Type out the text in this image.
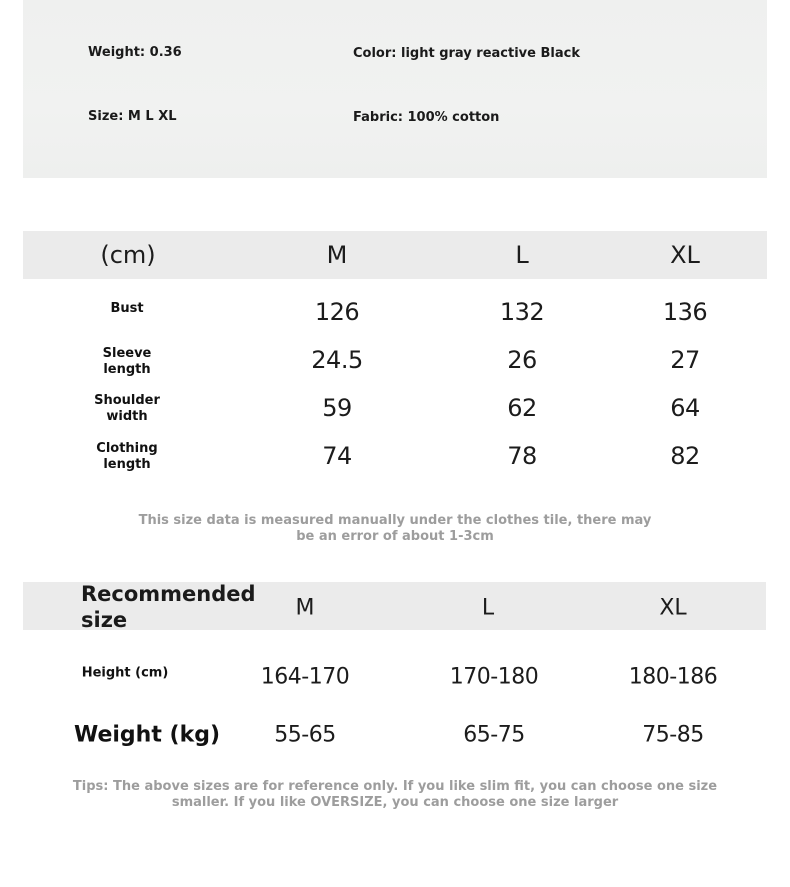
Weight: 0.36	Color: light gray reactive Black
Size: M L XL	Fabric: 100% cotton
(cm)	M	L	XL
Bust	126	132	136
Sleeve length	24.5	26	27
Shoulder width	59	62	64
Clothing length	74	78	82
This size data is measured manually under the clothes tile, there may be an error of about 1-3cm
Recommended size	M	L	XL
Height (cm)	164-170	170-180	180-186
Weight (kg) 55-65	65-75	75-85
Tips: The above sizes are for reference only. If you like slim fit, you can choose one size smaller. If you like OVERSIZE, you can choose one size larger
